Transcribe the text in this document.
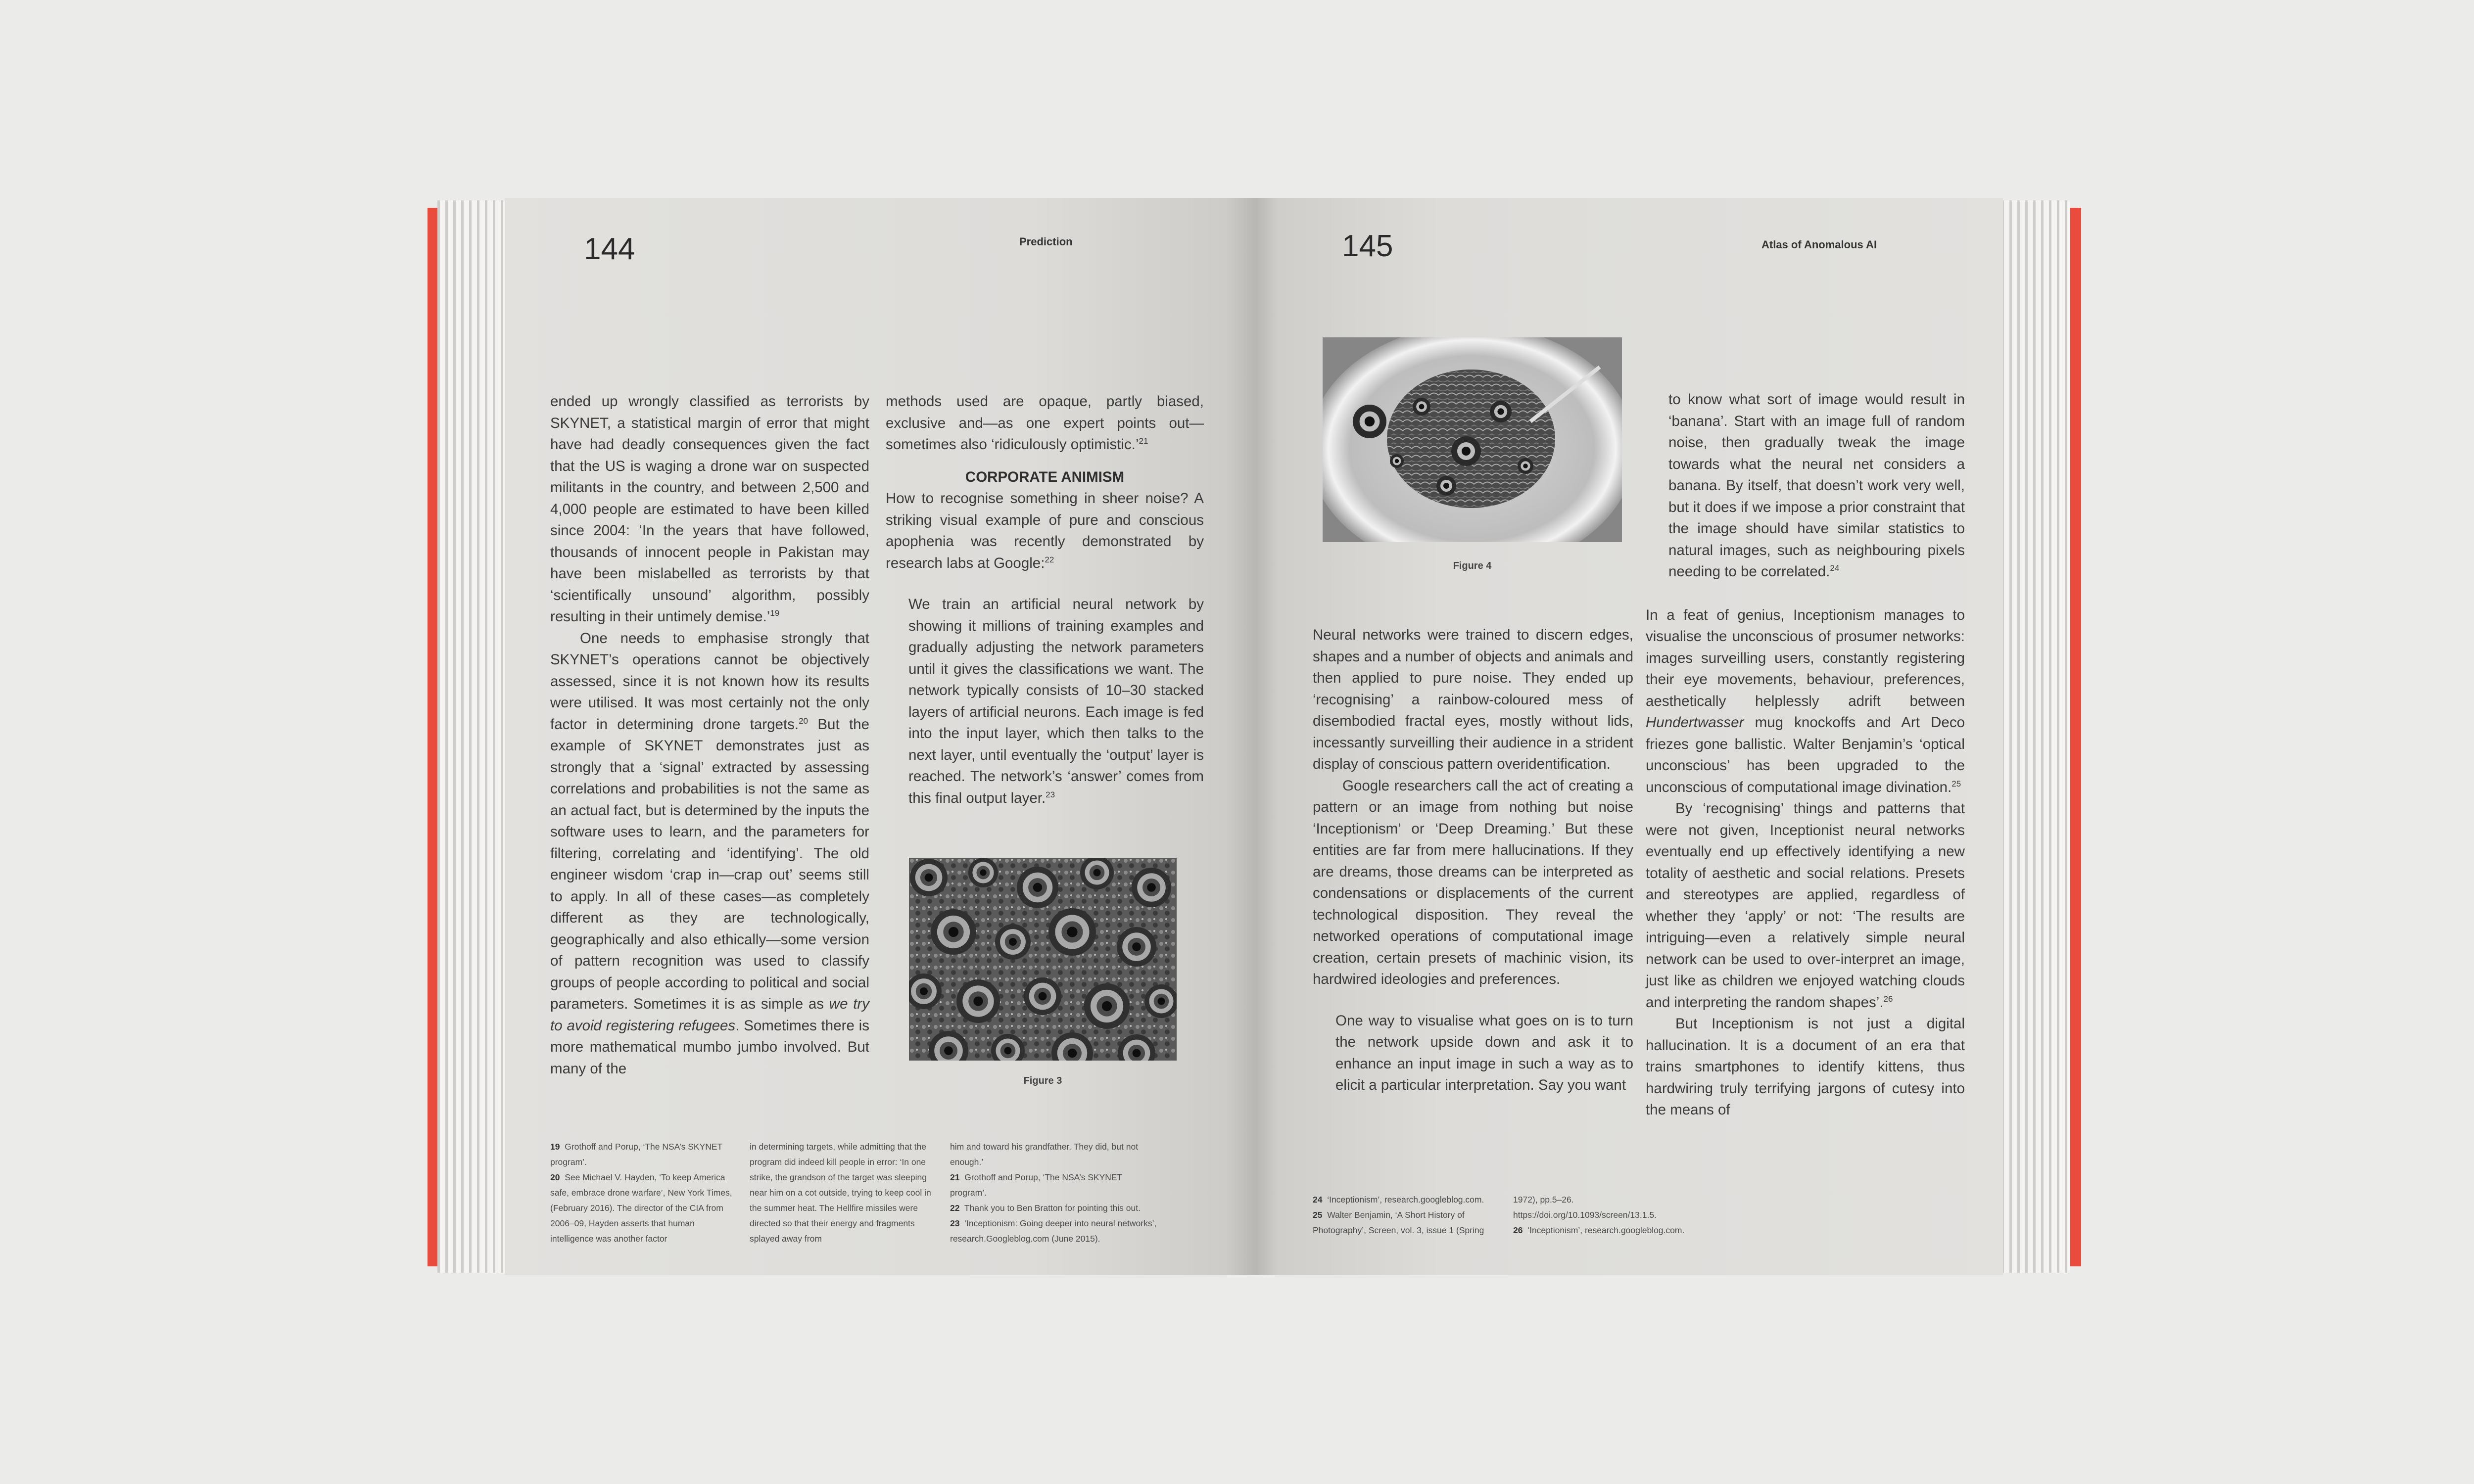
144	Prediction

ended up wrongly classified as terrorists by SKYNET, a statistical margin of error that might have had deadly consequences given the fact that the US is waging a drone war on suspected militants in the country, and between 2,500 and 4,000 people are estimated to have been killed since 2004: ‘In the years that have followed, thousands of innocent people in Pakistan may have been mislabelled as terrorists by that ‘scientifically unsound’ algorithm, possibly resulting in their untimely demise.’$^{19}$

One needs to emphasise strongly that SKYNET’s operations cannot be objectively assessed, since it is not known how its results were utilised. It was most certainly not the only factor in determining drone targets.$^{20}$ But the example of SKYNET demonstrates just as strongly that a ‘signal’ extracted by assessing correlations and probabilities is not the same as an actual fact, but is determined by the inputs the software uses to learn, and the parameters for filtering, correlating and ‘identifying’. The old engineer wisdom ‘crap in—crap out’ seems still to apply. In all of these cases—as completely different as they are technologically, geographically and also ethically—some version of pattern recognition was used to classify groups of people according to political and social parameters. Sometimes it is as simple as we try to avoid registering refugees. Sometimes there is more mathematical mumbo jumbo involved. But many of the

methods used are opaque, partly biased, exclusive and—as one expert points out—sometimes also ‘ridiculously optimistic.’$^{21}$

CORPORATE ANIMISM

How to recognise something in sheer noise? A striking visual example of pure and conscious apophenia was recently demonstrated by research labs at Google:$^{22}$

We train an artificial neural network by showing it millions of training examples and gradually adjusting the network parameters until it gives the classifications we want. The network typically consists of 10–30 stacked layers of artificial neurons. Each image is fed into the input layer, which then talks to the next layer, until eventually the ‘output’ layer is reached. The network’s ‘answer’ comes from this final output layer.$^{23}$

Figure 3
19 Grothoff and Porup, ‘The NSA’s SKYNET program’.
20 See Michael V. Hayden, ‘To keep America safe, embrace drone warfare’, New York Times, (February 2016). The director of the CIA from 2006–09, Hayden asserts that human intelligence was another factor
in determining targets, while admitting that the program did indeed kill people in error: ‘In one strike, the grandson of the target was sleeping near him on a cot outside, trying to keep cool in the summer heat. The Hellfire missiles were directed so that their energy and fragments splayed away from
him and toward his grandfather. They did, but not enough.’
21 Grothoff and Porup, ‘The NSA’s SKYNET program’.
22 Thank you to Ben Bratton for pointing this out.
23 ‘Inceptionism: Going deeper into neural networks’, research.Googleblog.com (June 2015).
145	Atlas of Anomalous AI
Figure 4

Neural networks were trained to discern edges, shapes and a number of objects and animals and then applied to pure noise. They ended up ‘recognising’ a rainbow-coloured mess of disembodied fractal eyes, mostly without lids, incessantly surveilling their audience in a strident display of conscious pattern overidentification.

Google researchers call the act of creating a pattern or an image from nothing but noise ‘Inceptionism’ or ‘Deep Dreaming.’ But these entities are far from mere hallucinations. If they are dreams, those dreams can be interpreted as condensations or displacements of the current technological disposition. They reveal the networked operations of computational image creation, certain presets of machinic vision, its hardwired ideologies and preferences.

One way to visualise what goes on is to turn the network upside down and ask it to enhance an input image in such a way as to elicit a particular interpretation. Say you want

to know what sort of image would result in ‘banana’. Start with an image full of random noise, then gradually tweak the image towards what the neural net considers a banana. By itself, that doesn’t work very well, but it does if we impose a prior constraint that the image should have similar statistics to natural images, such as neighbouring pixels needing to be correlated.$^{24}$

In a feat of genius, Inceptionism manages to visualise the unconscious of prosumer networks: images surveilling users, constantly registering their eye movements, behaviour, preferences, aesthetically helplessly adrift between Hundertwasser mug knockoffs and Art Deco friezes gone ballistic. Walter Benjamin’s ‘optical unconscious’ has been upgraded to the unconscious of computational image divination.$^{25}$

By ‘recognising’ things and patterns that were not given, Inceptionist neural networks eventually end up effectively identifying a new totality of aesthetic and social relations. Presets and stereotypes are applied, regardless of whether they ‘apply’ or not: ‘The results are intriguing—even a relatively simple neural network can be used to over-interpret an image, just like as children we enjoyed watching clouds and interpreting the random shapes’.$^{26}$

But Inceptionism is not just a digital hallucination. It is a document of an era that trains smartphones to identify kittens, thus hardwiring truly terrifying jargons of cutesy into the means of

24 ‘Inceptionism’, research.googleblog.com.
25 Walter Benjamin, ‘A Short History of Photography’, Screen, vol. 3, issue 1 (Spring
1972), pp.5–26. https://doi.org/10.1093/screen/13.1.5.
26 ‘Inceptionism’, research.googleblog.com.
